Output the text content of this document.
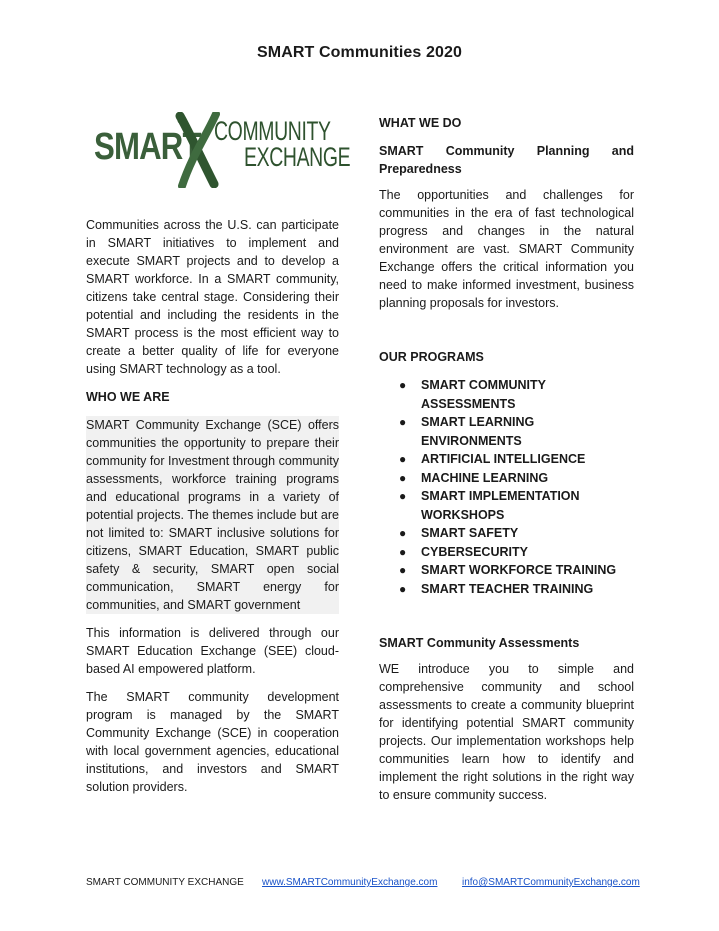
SMART Communities 2020
SMART COMMUNITY
EXCHANGE

Communities across the U.S. can participate in SMART initiatives to implement and execute SMART projects and to develop a SMART workforce. In a SMART community, citizens take central stage. Considering their potential and including the residents in the SMART process is the most efficient way to create a better quality of life for everyone using SMART technology as a tool.

WHO WE ARE

SMART Community Exchange (SCE) offers communities the opportunity to prepare their community for Investment through community assessments, workforce training programs and educational programs in a variety of potential projects. The themes include but are not limited to: SMART inclusive solutions for citizens, SMART Education, SMART public safety & security, SMART open social communication, SMART energy for communities, and SMART government

This information is delivered through our SMART Education Exchange (SEE) cloud-based AI empowered platform.

The SMART community development program is managed by the SMART Community Exchange (SCE) in cooperation with local government agencies, educational institutions, and investors and SMART solution providers.

WHAT WE DO
SMART Community Planning and Preparedness

The opportunities and challenges for communities in the era of fast technological progress and changes in the natural environment are vast. SMART Community Exchange offers the critical information you need to make informed investment, business planning proposals for investors.

OUR PROGRAMS
● SMART COMMUNITY ASSESSMENTS
● SMART LEARNING ENVIRONMENTS
● ARTIFICIAL INTELLIGENCE
● MACHINE LEARNING
● SMART IMPLEMENTATION WORKSHOPS
● SMART SAFETY
● CYBERSECURITY
● SMART WORKFORCE TRAINING
● SMART TEACHER TRAINING
SMART Community Assessments

WE introduce you to simple and comprehensive community and school assessments to create a community blueprint for identifying potential SMART community projects. Our implementation workshops help communities learn how to identify and implement the right solutions in the right way to ensure community success.

SMART COMMUNITY EXCHANGE www.SMARTCommunityExchange.com info@SMARTCommunityExchange.com
